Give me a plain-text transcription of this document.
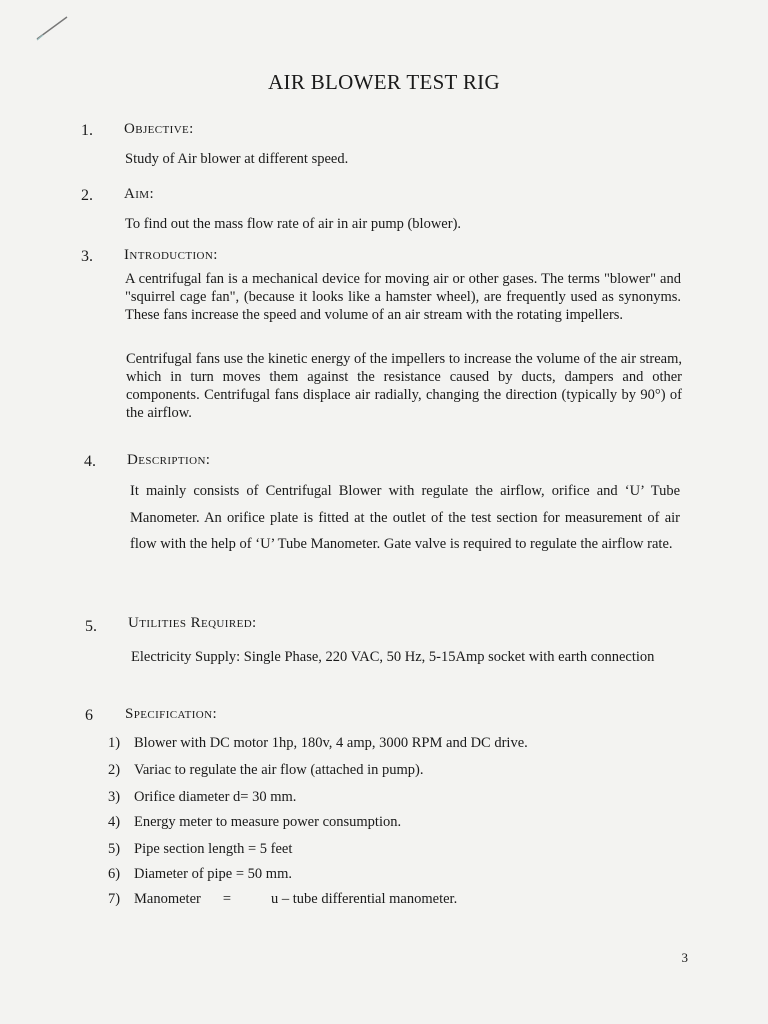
AIR BLOWER TEST RIG
1. Objective:
Study of Air blower at different speed.
2. Aim:
To find out the mass flow rate of air in air pump (blower).
3. Introduction:
A centrifugal fan is a mechanical device for moving air or other gases. The terms "blower" and "squirrel cage fan", (because it looks like a hamster wheel), are frequently used as synonyms. These fans increase the speed and volume of an air stream with the rotating impellers.
Centrifugal fans use the kinetic energy of the impellers to increase the volume of the air stream, which in turn moves them against the resistance caused by ducts, dampers and other components. Centrifugal fans displace air radially, changing the direction (typically by 90°) of the airflow.
4. Description:
It mainly consists of Centrifugal Blower with regulate the airflow, orifice and ‘U’ Tube Manometer. An orifice plate is fitted at the outlet of the test section for measurement of air flow with the help of ‘U’ Tube Manometer. Gate valve is required to regulate the airflow rate.
5. Utilities Required:
Electricity Supply: Single Phase, 220 VAC, 50 Hz, 5-15Amp socket with earth connection
6 Specification:
1) Blower with DC motor 1hp, 180v, 4 amp, 3000 RPM and DC drive.
2) Variac to regulate the air flow (attached in pump).
3) Orifice diameter d= 30 mm.
4) Energy meter to measure power consumption.
5) Pipe section length = 5 feet
6) Diameter of pipe = 50 mm.
7) Manometer =	u – tube differential manometer.
3
